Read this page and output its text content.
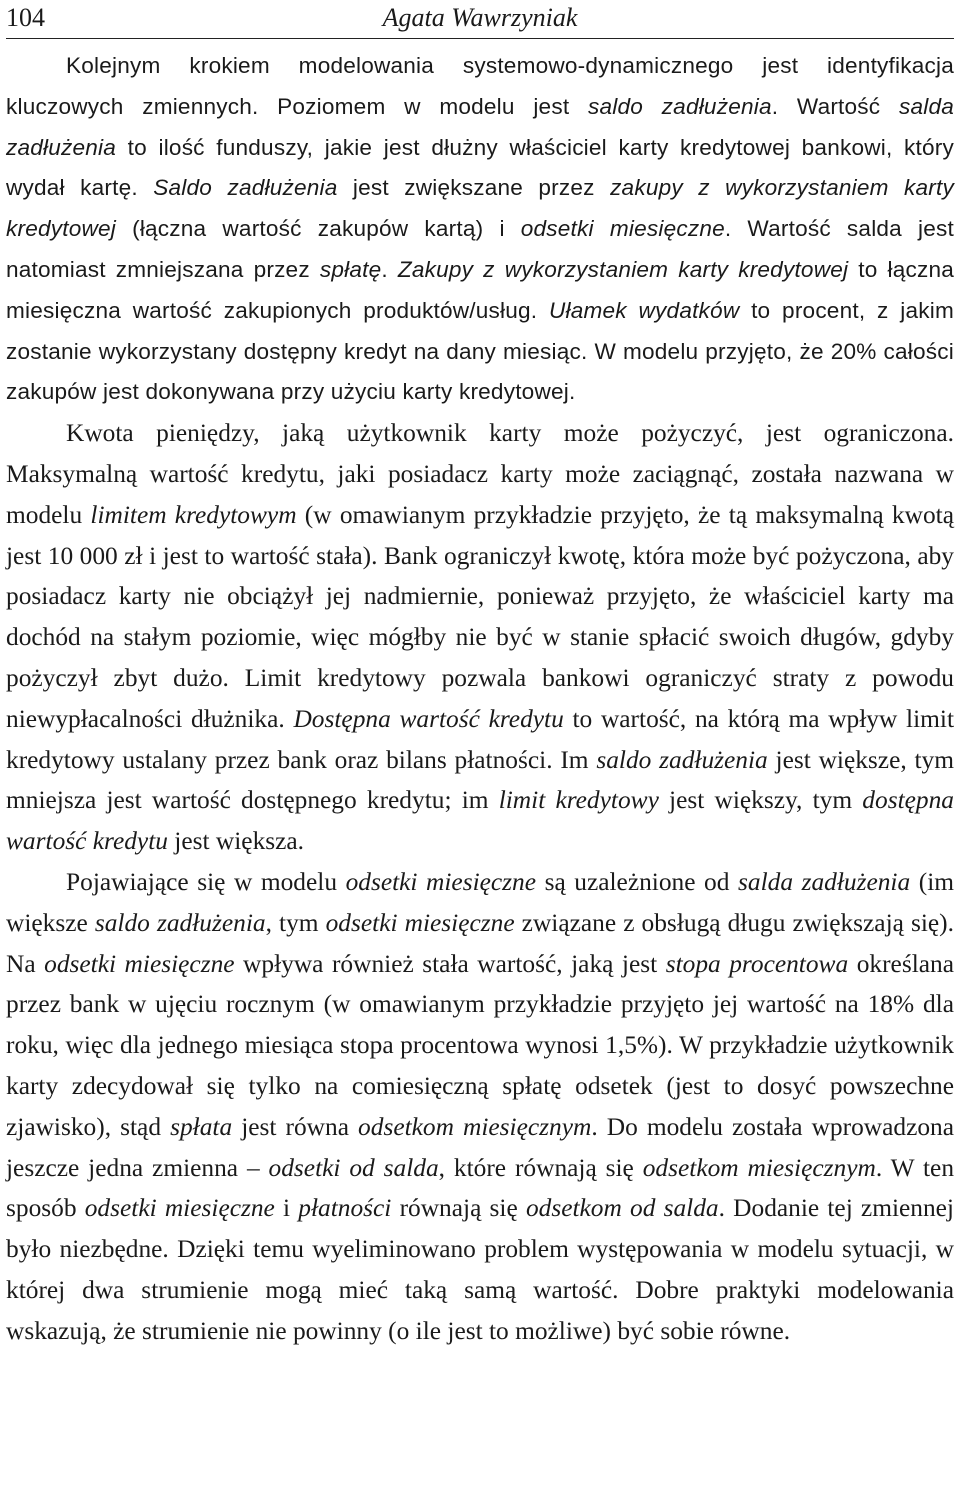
104	Agata Wawrzyniak

Kolejnym krokiem modelowania systemowo-dynamicznego jest identyfikacja kluczowych zmiennych. Poziomem w modelu jest saldo zadłużenia. Wartość salda zadłużenia to ilość funduszy, jakie jest dłużny właściciel karty kredytowej bankowi, który wydał kartę. Saldo zadłużenia jest zwiększane przez zakupy z wykorzystaniem karty kredytowej (łączna wartość zakupów kartą) i odsetki miesięczne. Wartość salda jest natomiast zmniejszana przez spłatę. Zakupy z wykorzystaniem karty kredytowej to łączna miesięczna wartość zakupionych produktów/usług. Ułamek wydatków to procent, z jakim zostanie wykorzystany dostępny kredyt na dany miesiąc. W modelu przyjęto, że 20% całości zakupów jest dokonywana przy użyciu karty kredytowej.

Kwota pieniędzy, jaką użytkownik karty może pożyczyć, jest ograniczona. Maksymalną wartość kredytu, jaki posiadacz karty może zaciągnąć, została nazwana w modelu limitem kredytowym (w omawianym przykładzie przyjęto, że tą maksymalną kwotą jest 10 000 zł i jest to wartość stała). Bank ograniczył kwotę, która może być pożyczona, aby posiadacz karty nie obciążył jej nadmiernie, ponieważ przyjęto, że właściciel karty ma dochód na stałym poziomie, więc mógłby nie być w stanie spłacić swoich długów, gdyby pożyczył zbyt dużo. Limit kredytowy pozwala bankowi ograniczyć straty z powodu niewypłacalności dłużnika. Dostępna wartość kredytu to wartość, na którą ma wpływ limit kredytowy ustalany przez bank oraz bilans płatności. Im saldo zadłużenia jest większe, tym mniejsza jest wartość dostępnego kredytu; im limit kredytowy jest większy, tym dostępna wartość kredytu jest większa.

Pojawiające się w modelu odsetki miesięczne są uzależnione od salda zadłużenia (im większe saldo zadłużenia, tym odsetki miesięczne związane z obsługą długu zwiększają się). Na odsetki miesięczne wpływa również stała wartość, jaką jest stopa procentowa określana przez bank w ujęciu rocznym (w omawianym przykładzie przyjęto jej wartość na 18% dla roku, więc dla jednego miesiąca stopa procentowa wynosi 1,5%). W przykładzie użytkownik karty zdecydował się tylko na comiesięczną spłatę odsetek (jest to dosyć powszechne zjawisko), stąd spłata jest równa odsetkom miesięcznym. Do modelu została wprowadzona jeszcze jedna zmienna – odsetki od salda, które równają się odsetkom miesięcznym. W ten sposób odsetki miesięczne i płatności równają się odsetkom od salda. Dodanie tej zmiennej było niezbędne. Dzięki temu wyeliminowano problem występowania w modelu sytuacji, w której dwa strumienie mogą mieć taką samą wartość. Dobre praktyki modelowania wskazują, że strumienie nie powinny (o ile jest to możliwe) być sobie równe.
